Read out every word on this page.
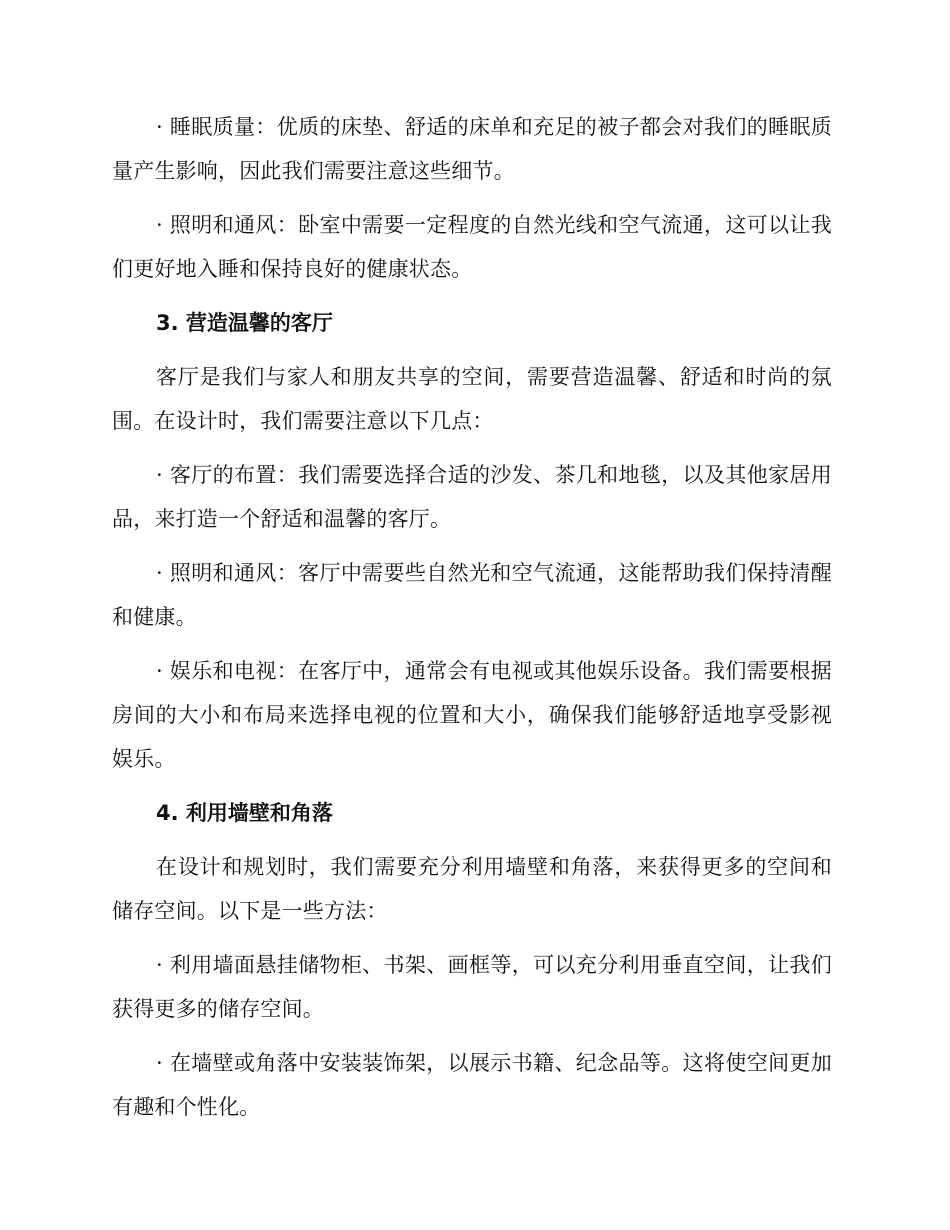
· 睡眠质量：优质的床垫、舒适的床单和充足的被子都会对我们的睡眠质量产生影响，因此我们需要注意这些细节。

· 照明和通风：卧室中需要一定程度的自然光线和空气流通，这可以让我们更好地入睡和保持良好的健康状态。

3. 营造温馨的客厅

客厅是我们与家人和朋友共享的空间，需要营造温馨、舒适和时尚的氛围。在设计时，我们需要注意以下几点：

· 客厅的布置：我们需要选择合适的沙发、茶几和地毯，以及其他家居用品，来打造一个舒适和温馨的客厅。

· 照明和通风：客厅中需要些自然光和空气流通，这能帮助我们保持清醒和健康。

· 娱乐和电视：在客厅中，通常会有电视或其他娱乐设备。我们需要根据房间的大小和布局来选择电视的位置和大小，确保我们能够舒适地享受影视娱乐。

4. 利用墙壁和角落

在设计和规划时，我们需要充分利用墙壁和角落，来获得更多的空间和储存空间。以下是一些方法：

· 利用墙面悬挂储物柜、书架、画框等，可以充分利用垂直空间，让我们获得更多的储存空间。

· 在墙壁或角落中安装装饰架，以展示书籍、纪念品等。这将使空间更加有趣和个性化。
